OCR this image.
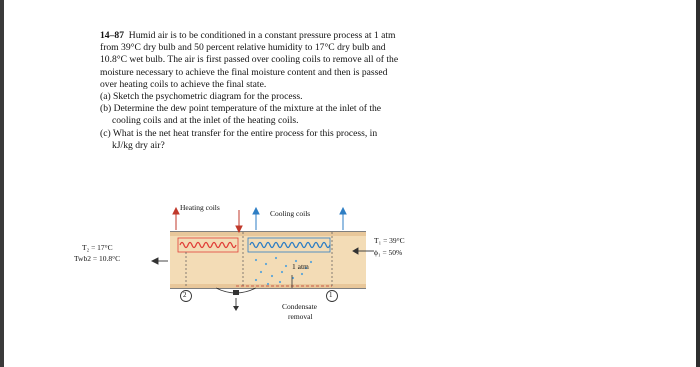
14–87 Humid air is to be conditioned in a constant pressure process at 1 atm from 39°C dry bulb and 50 percent relative humidity to 17°C dry bulb and 10.8°C wet bulb. The air is first passed over cooling coils to remove all of the moisture necessary to achieve the final moisture content and then is passed over heating coils to achieve the final state.

(a) Sketch the psychometric diagram for the process.

(b) Determine the dew point temperature of the mixture at the inlet of the cooling coils and at the inlet of the heating coils.

(c) What is the net heat transfer for the entire process for this process, in kJ/kg dry air?

Heating coils
Cooling coils
T₂ = 17°C
Twb2 = 10.8°C
T₁ = 39°C
ϕ₁ = 50%
1 atm
2	1
Condensate
removal
